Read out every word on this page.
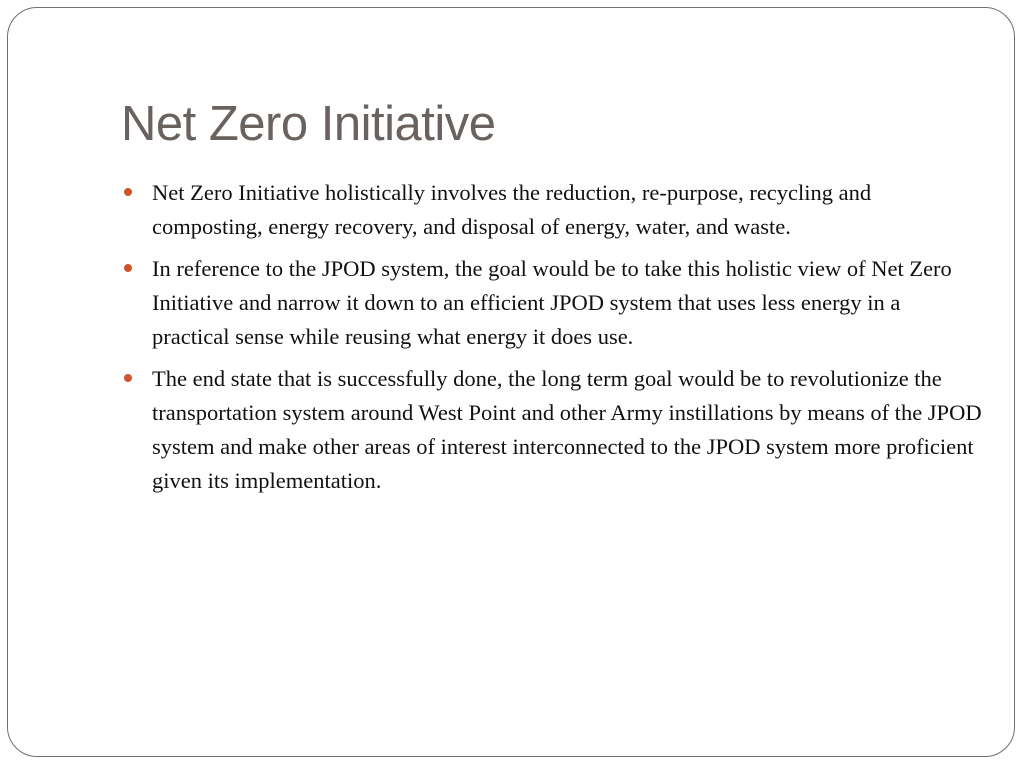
Net Zero Initiative
Net Zero Initiative holistically involves the reduction, re-purpose, recycling and composting, energy recovery, and disposal of energy, water, and waste.
In reference to the JPOD system, the goal would be to take this holistic view of Net Zero Initiative and narrow it down to an efficient JPOD system that uses less energy in a practical sense while reusing what energy it does use.
The end state that is successfully done, the long term goal would be to revolutionize the transportation system around West Point and other Army instillations by means of the JPOD system and make other areas of interest interconnected to the JPOD system more proficient given its implementation.
